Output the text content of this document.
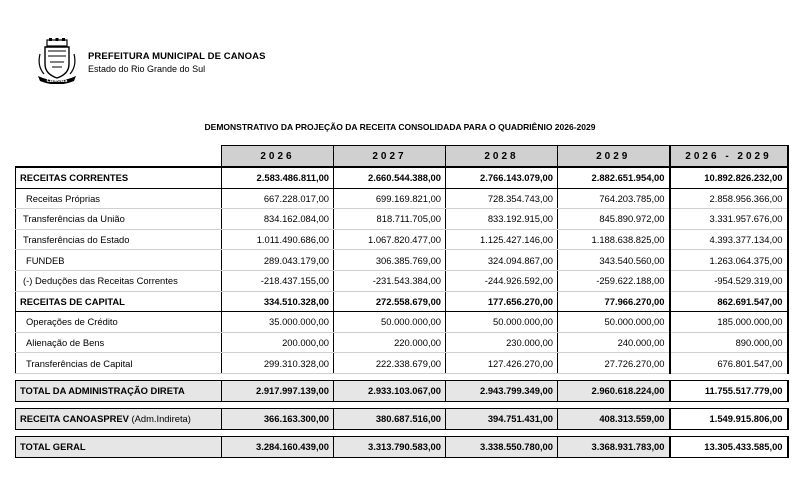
CANOAS
PREFEITURA MUNICIPAL DE CANOAS
Estado do Rio Grande do Sul
DEMONSTRATIVO DA PROJEÇÃO DA RECEITA CONSOLIDADA PARA O QUADRIÊNIO 2026-2029
	2026	2027	2028	2029	2026 - 2029
RECEITAS CORRENTES	2.583.486.811,00	2.660.544.388,00	2.766.143.079,00	2.882.651.954,00	10.892.826.232,00
Receitas Próprias	667.228.017,00	699.169.821,00	728.354.743,00	764.203.785,00	2.858.956.366,00
Transferências da União	834.162.084,00	818.711.705,00	833.192.915,00	845.890.972,00	3.331.957.676,00
Transferências do Estado	1.011.490.686,00	1.067.820.477,00	1.125.427.146,00	1.188.638.825,00	4.393.377.134,00
FUNDEB	289.043.179,00	306.385.769,00	324.094.867,00	343.540.560,00	1.263.064.375,00
(-) Deduções das Receitas Correntes	-218.437.155,00	-231.543.384,00	-244.926.592,00	-259.622.188,00	-954.529.319,00
RECEITAS DE CAPITAL	334.510.328,00	272.558.679,00	177.656.270,00	77.966.270,00	862.691.547,00
Operações de Crédito	35.000.000,00	50.000.000,00	50.000.000,00	50.000.000,00	185.000.000,00
Alienação de Bens	200.000,00	220.000,00	230.000,00	240.000,00	890.000,00
Transferências de Capital	299.310.328,00	222.338.679,00	127.426.270,00	27.726.270,00	676.801.547,00

TOTAL DA ADMINISTRAÇÃO DIRETA	2.917.997.139,00	2.933.103.067,00	2.943.799.349,00	2.960.618.224,00	11.755.517.779,00

RECEITA CANOASPREV (Adm.Indireta)	366.163.300,00	380.687.516,00	394.751.431,00	408.313.559,00	1.549.915.806,00

TOTAL GERAL	3.284.160.439,00	3.313.790.583,00	3.338.550.780,00	3.368.931.783,00	13.305.433.585,00
